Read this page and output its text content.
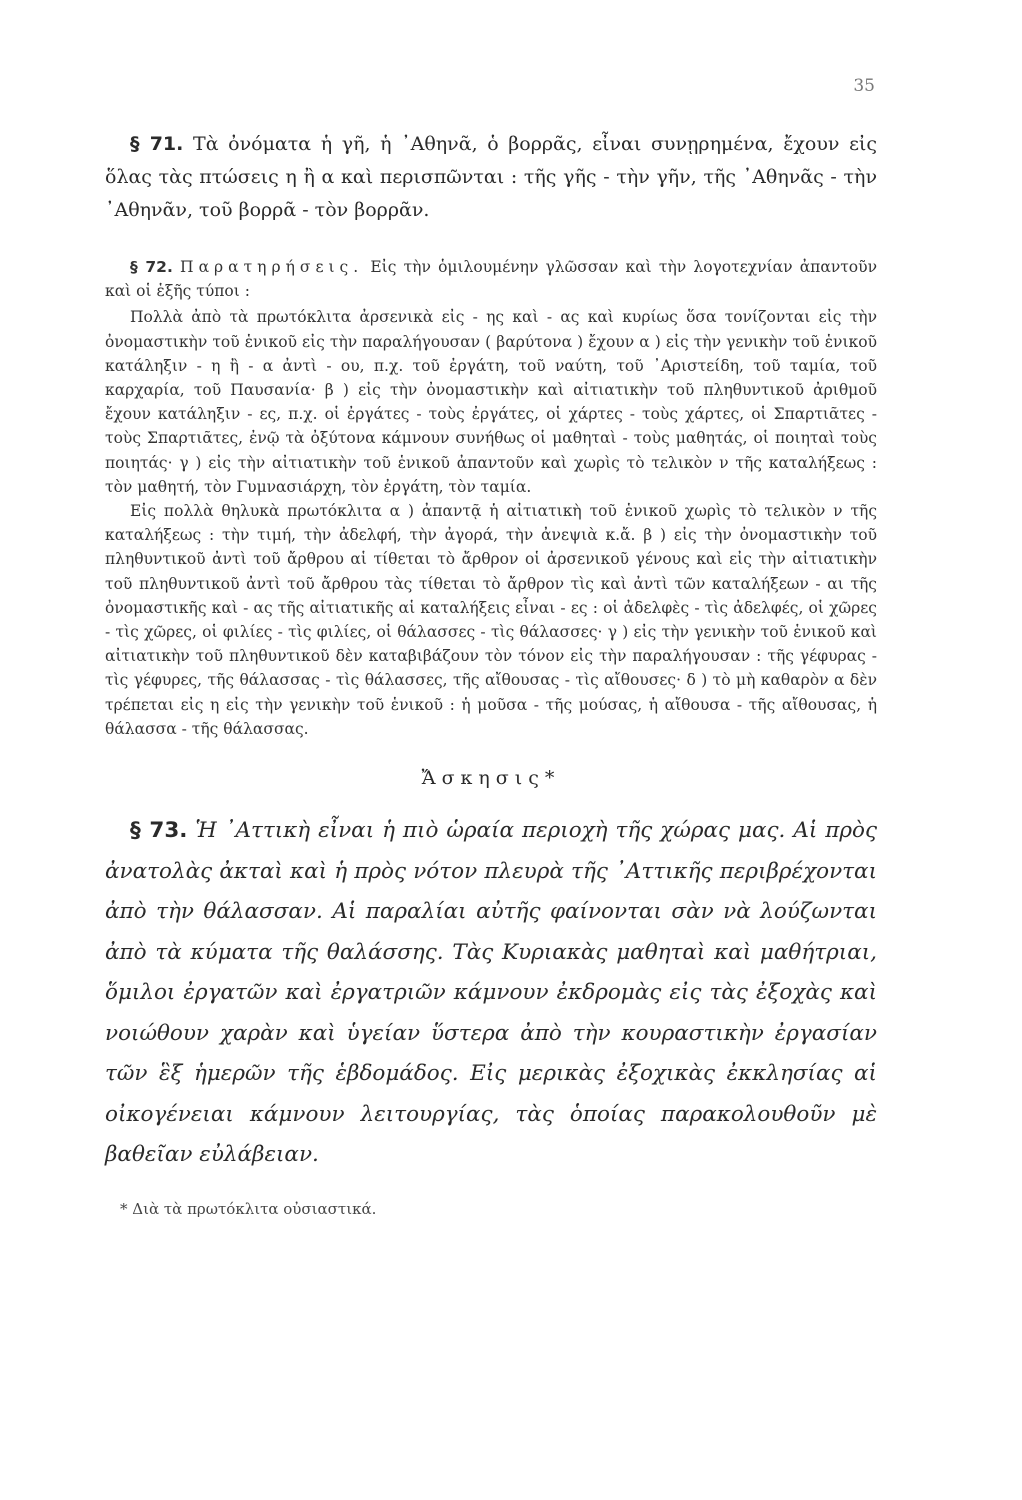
35

§ 71. Τὰ ὀνόματα ἡ γῆ, ἡ ᾿Αθηνᾶ, ὁ βορρᾶς, εἶναι συνῃρημένα, ἔχουν εἰς ὅλας τὰς πτώσεις η ἢ α καὶ περισπῶνται : τῆς γῆς - τὴν γῆν, τῆς ᾿Αθηνᾶς - τὴν ᾿Αθηνᾶν, τοῦ βορρᾶ - τὸν βορρᾶν.

§ 72. Παρατηρήσεις. Εἰς τὴν ὁμιλουμένην γλῶσσαν καὶ τὴν λογοτεχνίαν ἀπαντοῦν καὶ οἱ ἑξῆς τύποι :

Πολλὰ ἀπὸ τὰ πρωτόκλιτα ἀρσενικὰ εἰς - ης καὶ - ας καὶ κυρίως ὅσα τονίζονται εἰς τὴν ὀνομαστικὴν τοῦ ἑνικοῦ εἰς τὴν παραλήγουσαν ( βαρύτονα ) ἔχουν α ) εἰς τὴν γενικὴν τοῦ ἑνικοῦ κατάληξιν - η ἢ - α ἀντὶ - ου, π.χ. τοῦ ἐργάτη, τοῦ ναύτη, τοῦ ᾿Αριστείδη, τοῦ ταμία, τοῦ καρχαρία, τοῦ Παυσανία· β ) εἰς τὴν ὀνομαστικὴν καὶ αἰτιατικὴν τοῦ πληθυντικοῦ ἀριθμοῦ ἔχουν κατάληξιν - ες, π.χ. οἱ ἐργάτες - τοὺς ἐργάτες, οἱ χάρτες - τοὺς χάρτες, οἱ Σπαρτιᾶτες - τοὺς Σπαρτιᾶτες, ἐνῷ τὰ ὀξύτονα κάμνουν συνήθως οἱ μαθηταὶ - τοὺς μαθητάς, οἱ ποιηταὶ τοὺς ποιητάς· γ ) εἰς τὴν αἰτιατικὴν τοῦ ἑνικοῦ ἀπαντοῦν καὶ χωρὶς τὸ τελικὸν ν τῆς καταλήξεως : τὸν μαθητή, τὸν Γυμνασιάρχη, τὸν ἐργάτη, τὸν ταμία.

Εἰς πολλὰ θηλυκὰ πρωτόκλιτα α ) ἀπαντᾷ ἡ αἰτιατικὴ τοῦ ἑνικοῦ χωρὶς τὸ τελικὸν ν τῆς καταλήξεως : τὴν τιμή, τὴν ἀδελφή, τὴν ἀγορά, τὴν ἀνεψιὰ κ.ἄ. β ) εἰς τὴν ὀνομαστικὴν τοῦ πληθυντικοῦ ἀντὶ τοῦ ἄρθρου αἱ τίθεται τὸ ἄρθρον οἱ ἀρσενικοῦ γένους καὶ εἰς τὴν αἰτιατικὴν τοῦ πληθυντικοῦ ἀντὶ τοῦ ἄρθρου τὰς τίθεται τὸ ἄρθρον τὶς καὶ ἀντὶ τῶν καταλήξεων - αι τῆς ὀνομαστικῆς καὶ - ας τῆς αἰτιατικῆς αἱ καταλήξεις εἶναι - ες : οἱ ἀδελφὲς - τὶς ἀδελφές, οἱ χῶρες - τὶς χῶρες, οἱ φιλίες - τὶς φιλίες, οἱ θάλασσες - τὶς θάλασσες· γ ) εἰς τὴν γενικὴν τοῦ ἑνικοῦ καὶ αἰτιατικὴν τοῦ πληθυντικοῦ δὲν καταβιβάζουν τὸν τόνον εἰς τὴν παραλήγουσαν : τῆς γέφυρας - τὶς γέφυρες, τῆς θάλασσας - τὶς θάλασσες, τῆς αἴθουσας - τὶς αἴθουσες· δ ) τὸ μὴ καθαρὸν α δὲν τρέπεται εἰς η εἰς τὴν γενικὴν τοῦ ἑνικοῦ : ἡ μοῦσα - τῆς μούσας, ἡ αἴθουσα - τῆς αἴθουσας, ἡ θάλασσα - τῆς θάλασσας.

Ἄσκησις*

§ 73. Ἡ ᾿Αττικὴ εἶναι ἡ πιὸ ὡραία περιοχὴ τῆς χώρας μας. Αἱ πρὸς ἀνατολὰς ἀκταὶ καὶ ἡ πρὸς νότον πλευρὰ τῆς ᾿Αττικῆς περιβρέχονται ἀπὸ τὴν θάλασσαν. Αἱ παραλίαι αὐτῆς φαίνονται σὰν νὰ λούζωνται ἀπὸ τὰ κύματα τῆς θαλάσσης. Τὰς Κυριακὰς μαθηταὶ καὶ μαθήτριαι, ὅμιλοι ἐργατῶν καὶ ἐργατριῶν κάμνουν ἐκδρομὰς εἰς τὰς ἐξοχὰς καὶ νοιώθουν χαρὰν καὶ ὑγείαν ὕστερα ἀπὸ τὴν κουραστικὴν ἐργασίαν τῶν ἓξ ἡμερῶν τῆς ἑβδομάδος. Εἰς μερικὰς ἐξοχικὰς ἐκκλησίας αἱ οἰκογένειαι κάμνουν λειτουργίας, τὰς ὁποίας παρακολουθοῦν μὲ βαθεῖαν εὐλάβειαν.

* Διὰ τὰ πρωτόκλιτα οὐσιαστικά.
